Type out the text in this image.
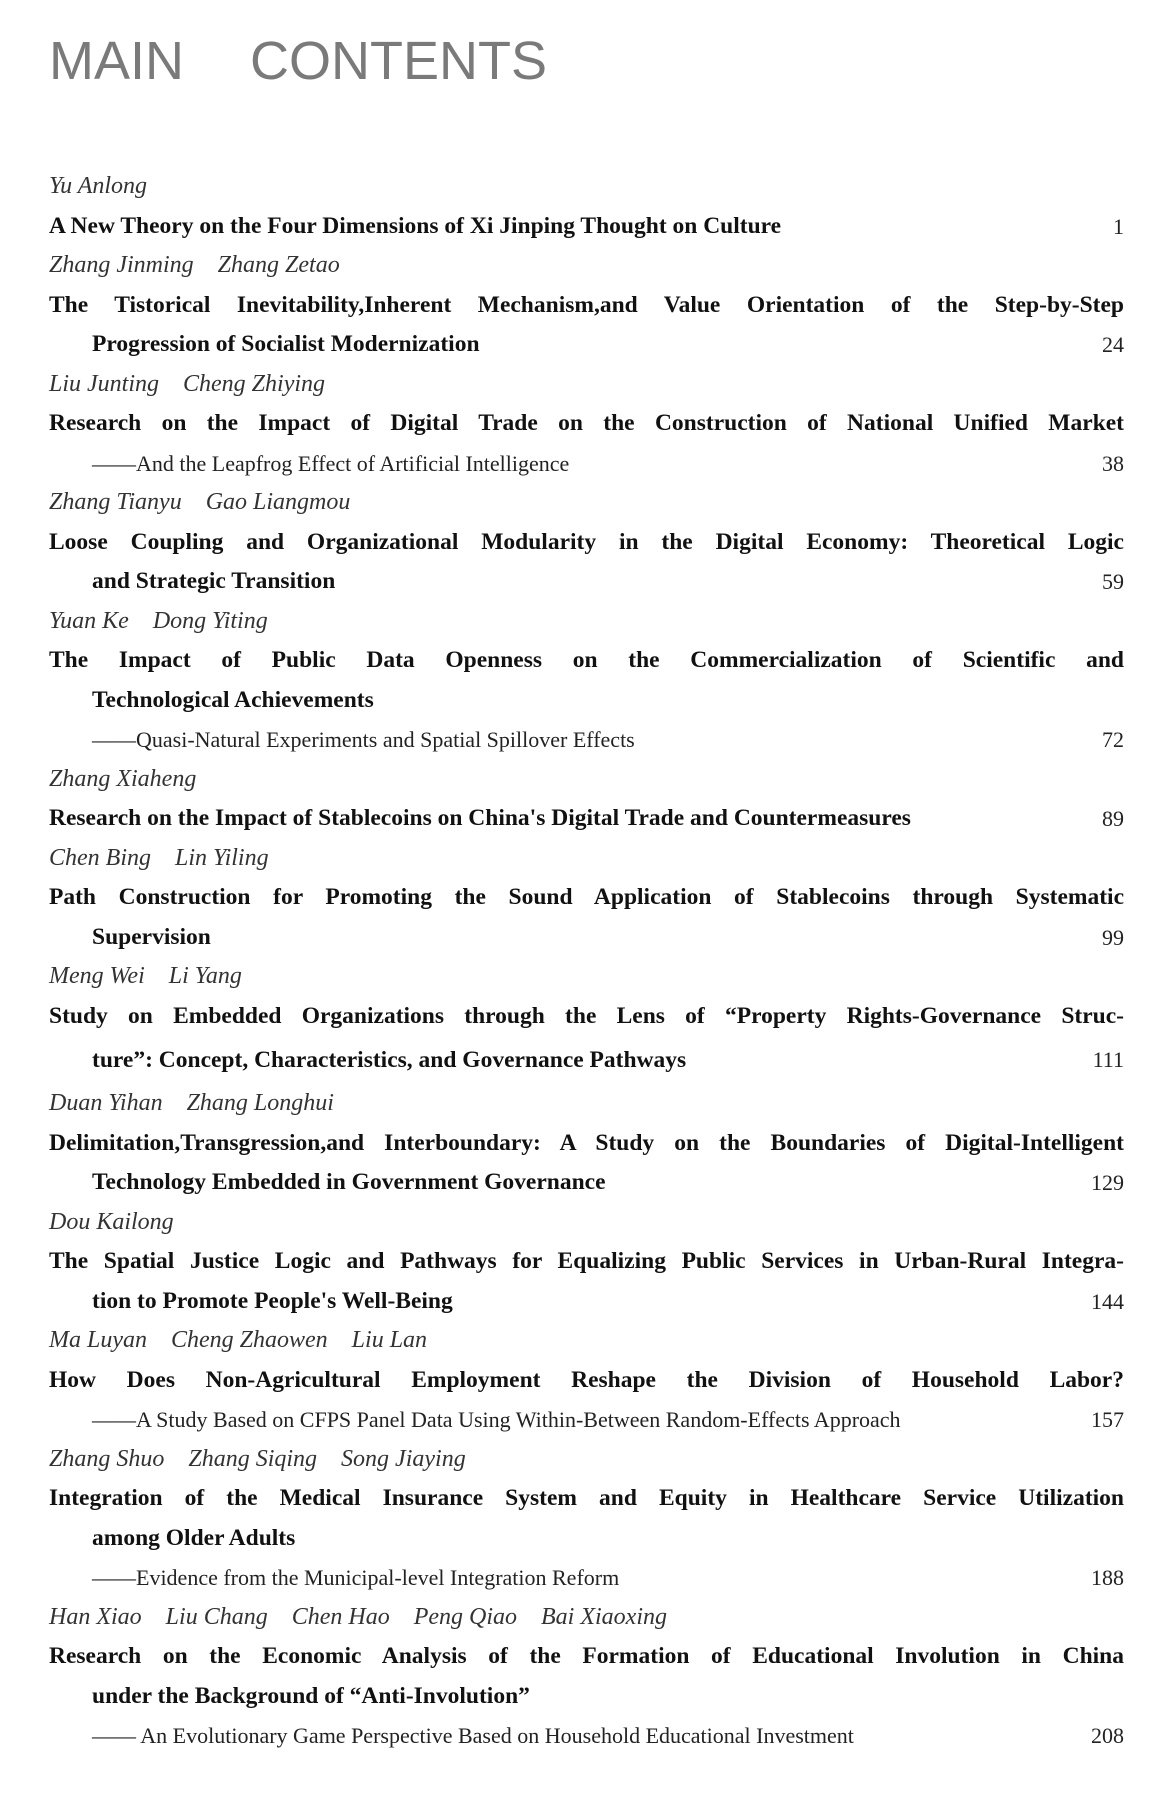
MAIN  CONTENTS
Yu Anlong
A New Theory on the Four Dimensions of Xi Jinping Thought on Culture	1
Zhang Jinming Zhang Zetao
The Tistorical Inevitability,Inherent Mechanism,and Value Orientation of the Step-by-Step
Progression of Socialist Modernization	24
Liu Junting Cheng Zhiying
Research on the Impact of Digital Trade on the Construction of National Unified Market
——And the Leapfrog Effect of Artificial Intelligence	38
Zhang Tianyu Gao Liangmou
Loose Coupling and Organizational Modularity in the Digital Economy: Theoretical Logic
and Strategic Transition	59
Yuan Ke Dong Yiting
The Impact of Public Data Openness on the Commercialization of Scientific and
Technological Achievements
——Quasi-Natural Experiments and Spatial Spillover Effects	72
Zhang Xiaheng
Research on the Impact of Stablecoins on China's Digital Trade and Countermeasures	89
Chen Bing Lin Yiling
Path Construction for Promoting the Sound Application of Stablecoins through Systematic
Supervision	99
Meng Wei Li Yang
Study on Embedded Organizations through the Lens of “Property Rights-Governance Struc-
ture”: Concept, Characteristics, and Governance Pathways	111
Duan Yihan Zhang Longhui
Delimitation,Transgression,and Interboundary: A Study on the Boundaries of Digital-Intelligent
Technology Embedded in Government Governance	129
Dou Kailong
The Spatial Justice Logic and Pathways for Equalizing Public Services in Urban-Rural Integra-
tion to Promote People's Well-Being	144
Ma Luyan Cheng Zhaowen Liu Lan
How Does Non-Agricultural Employment Reshape the Division of Household Labor?
——A Study Based on CFPS Panel Data Using Within-Between Random-Effects Approach	157
Zhang Shuo Zhang Siqing Song Jiaying
Integration of the Medical Insurance System and Equity in Healthcare Service Utilization
among Older Adults
——Evidence from the Municipal-level Integration Reform	188
Han Xiao Liu Chang Chen Hao Peng Qiao Bai Xiaoxing
Research on the Economic Analysis of the Formation of Educational Involution in China
under the Background of “Anti-Involution”
—— An Evolutionary Game Perspective Based on Household Educational Investment	208
